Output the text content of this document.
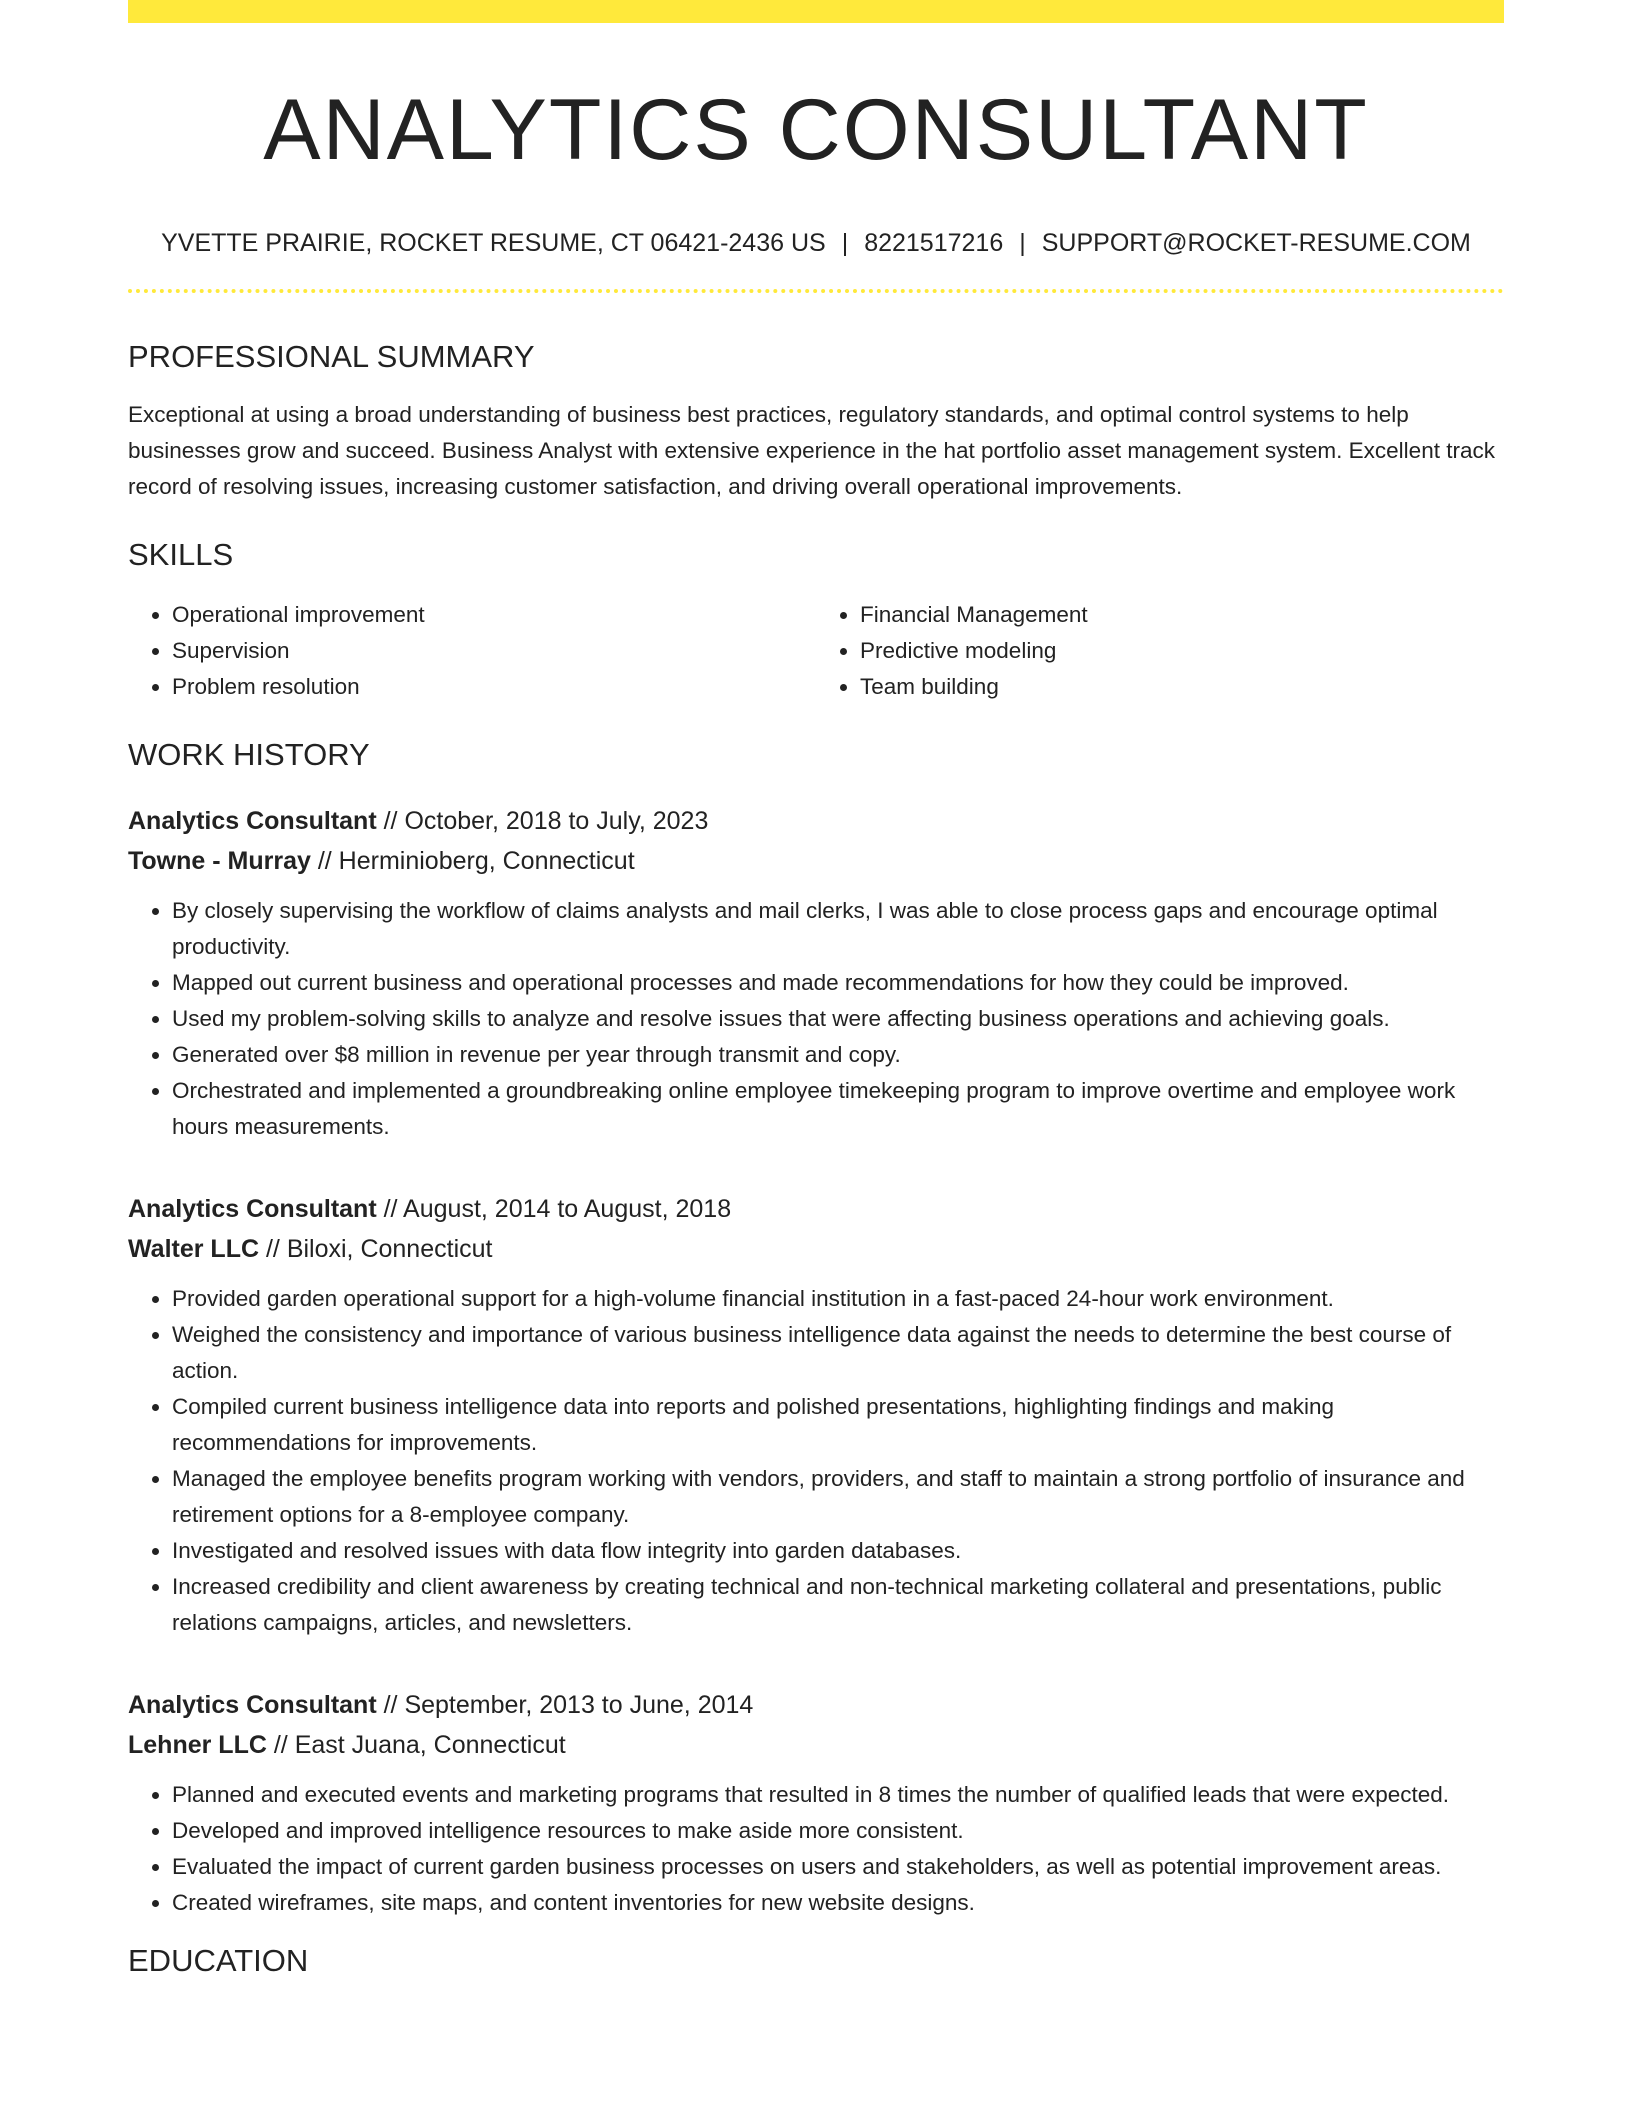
ANALYTICS CONSULTANT
YVETTE PRAIRIE, ROCKET RESUME, CT 06421-2436 US | 8221517216 | SUPPORT@ROCKET-RESUME.COM
PROFESSIONAL SUMMARY

Exceptional at using a broad understanding of business best practices, regulatory standards, and optimal control systems to help businesses grow and succeed. Business Analyst with extensive experience in the hat portfolio asset management system. Excellent track record of resolving issues, increasing customer satisfaction, and driving overall operational improvements.

SKILLS
• Operational improvement
• Supervision
• Problem resolution
• Financial Management
• Predictive modeling
• Team building
WORK HISTORY
Analytics Consultant // October, 2018 to July, 2023
Towne - Murray // Herminioberg, Connecticut
• By closely supervising the workflow of claims analysts and mail clerks, I was able to close process gaps and encourage optimal productivity.
• Mapped out current business and operational processes and made recommendations for how they could be improved.
• Used my problem-solving skills to analyze and resolve issues that were affecting business operations and achieving goals.
• Generated over $8 million in revenue per year through transmit and copy.
• Orchestrated and implemented a groundbreaking online employee timekeeping program to improve overtime and employee work hours measurements.
Analytics Consultant // August, 2014 to August, 2018
Walter LLC // Biloxi, Connecticut
• Provided garden operational support for a high-volume financial institution in a fast-paced 24-hour work environment.
• Weighed the consistency and importance of various business intelligence data against the needs to determine the best course of action.
• Compiled current business intelligence data into reports and polished presentations, highlighting findings and making recommendations for improvements.
• Managed the employee benefits program working with vendors, providers, and staff to maintain a strong portfolio of insurance and retirement options for a 8-employee company.
• Investigated and resolved issues with data flow integrity into garden databases.
• Increased credibility and client awareness by creating technical and non-technical marketing collateral and presentations, public relations campaigns, articles, and newsletters.
Analytics Consultant // September, 2013 to June, 2014
Lehner LLC // East Juana, Connecticut
• Planned and executed events and marketing programs that resulted in 8 times the number of qualified leads that were expected.
• Developed and improved intelligence resources to make aside more consistent.
• Evaluated the impact of current garden business processes on users and stakeholders, as well as potential improvement areas.
• Created wireframes, site maps, and content inventories for new website designs.
EDUCATION
